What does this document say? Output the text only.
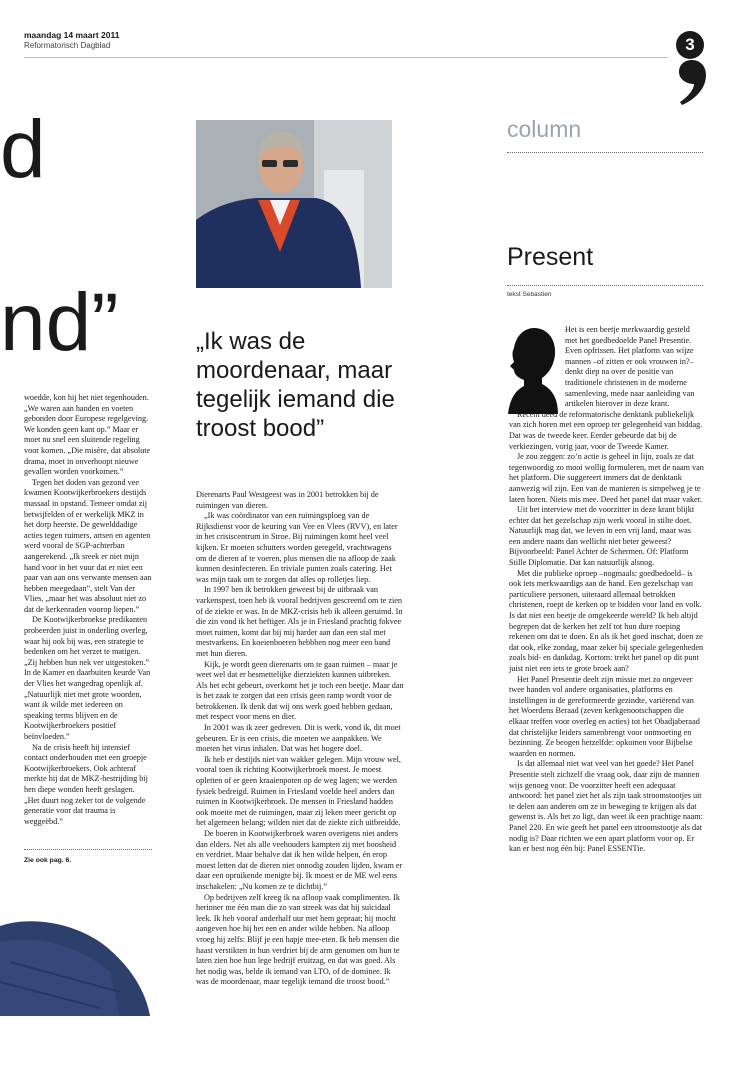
maandag 14 maart 2011
Reformatorisch Dagblad	3
d
nd”

woedde, kon hij het niet tegenhouden. „We waren aan handen en voeten gebonden door Europese regelgeving. We konden geen kant op.” Maar er moet nu snel een sluitende regeling voor komen. „Die misère, dat absolute drama, moet in onverhoopt nieuwe gevallen worden voorkomen.”

Tegen het doden van gezond vee kwamen Kootwijkerbroekers destijds massaal in opstand. Temeer omdat zij betwijfelden of er werkelijk MKZ in het dorp heerste. De gewelddadige acties tegen ruimers, artsen en agenten werd vooral de SGP-achterban aangerekend. „Ik sreek er niet mijn hand voor in het vuur dat er niet een paar van aan ons verwante mensen aan hebben meegedaan”, stelt Van der Vlies, „maar het was absoluut niet zo dat de kerkenraden voorop liepen.”

De Kootwijkerbroekse predikanten probeerden juist in onderling overleg, waar hij ook bij was, een strategie te bedenken om het verzet te matigen. „Zij hebben hun nek ver uitgestoken.” In de Kamer en daarbuiten keurde Van der Vlies het wangedrag openlijk af. „Natuurlijk niet met grote woorden, want ik wilde met iedereen on speaking terms blijven en de Kootwijkerbroekers positief beïnvloeden.”

Na de crisis heeft hij intensief contact onderhouden met een groepje Kootwijkerbroekers. Ook achteraf merkte hij dat de MKZ-bestrijding bij hen diepe wonden heeft geslagen. „Het duurt nog zeker tot de volgende generatie voor dat trauma is weggeëbd.”

Zie ook pag. 6.
„Ik was de moordenaar, maar tegelijk iemand die troost bood”

Dierenarts Paul Westgeest was in 2001 betrokken bij de ruimingen van dieren.

„Ik was coördinator van een ruimingsploeg van de Rijksdienst voor de keuring van Vee en Vlees (RVV), en later in het crisiscentrum in Stroe. Bij ruimingen komt heel veel kijken. Er moeten schutters worden geregeld, vrachtwagens om de dieren af te voeren, plus mensen die na afloop de zaak kunnen desinfecteren. En triviale punten zoals catering. Het was mijn taak om te zorgen dat alles op rolletjes liep.

In 1997 ben ik betrokken geweest bij de uitbraak van varkenspest, toen heb ik vooral bedrijven gescreend om te zien of de ziekte er was. In de MKZ-crisis heb ik alleen geruimd. In die zin vond ik het heftiger. Als je in Friesland prachtig fokvee moet ruimen, komt dat bij mij harder aan dan een stal met mestvarkens. En koeienboeren hebbben nog meer een band met hun dieren.

Kijk, je wordt geen dierenarts om te gaan ruimen – maar je weet wel dat er besmettelijke dierziekten kunnen uitbreken. Als het echt gebeurt, overkomt het je toch een beetje. Maar dan is het zaak te zorgen dat een crisis geen ramp wordt voor de betrokkenen. Ik denk dat wij ons werk goed hebben gedaan, met respect voor mens en dier.

In 2001 was ik zeer gedreven. Dit is werk, vond ik, dit moet gebeuren. Er is een crisis, die moeten we aanpakken. We moeten het virus inhalen. Dat was het hogere doel.

Ik heb er destijds niet van wakker gelegen. Mijn vrouw wel, vooral toen ik richting Kootwijkerbroek moest. Je moest opletten of er geen kraaienpoten op de weg lagen; we werden fysiek bedreigd. Ruimen in Friesland voelde heel anders dan ruimen in Kootwijkerbroek. De mensen in Friesland hadden ook moeite met de ruimingen, maar zij leken meer gericht op het algemeen belang; wilden niet dat de ziekte zich uitbreidde.

De boeren in Kootwijkerbroek waren overigens niet anders dan elders. Net als alle veehouders kampten zij met boosheid en verdriet. Maar behalve dat ik hen wilde helpen, én erop moest letten dat de dieren niet onnodig zouden lijden, kwam er daar een opruikende menigte bij. Ik moest er de ME wel eens inschakelen: „Nu komen ze te dichtbij.”

Op bedrijven zelf kreeg ik na afloop vaak complimenten. Ik herinner me één man die zo van streek was dat hij suïcidaal leek. Ik heb vooraf anderhalf uur met hem gepraat; hij mocht aangeven hoe hij het een en ander wilde hebben. Na afloop vroeg hij zelfs: Blijf je een hapje mee-eten. Ik heb mensen die haast verstikten in hun verdriet bij de arm genomen om hun te laten zien hoe hun lege bedrijf eruitzag, en dat was goed. Als het nodig was, belde ik iemand van LTO, of de dominee. Ik was de moordenaar, maar tegelijk iemand die troost bood.”

column
Present
tekst Sebastien

Het is een beetje merkwaardig gesteld met het goedbedoelde Panel Presentie. Even opfrissen. Het platform van wijze mannen –of zitten er ook vrouwen in?– denkt diep na over de positie van traditionele christenen in de moderne samenleving, mede naar aanleiding van artikelen hierover in deze krant.

Recent deed de reformatorische denktank publiekelijk van zich horen met een oproep ter gelegenheid van biddag. Dat was de tweede keer. Eerder gebeurde dat bij de verkiezingen, vorig jaar, voor de Tweede Kamer.

Je zou zeggen: zo’n actie is geheel in lijn, zoals ze dat tegenwoordig zo mooi wollig formuleren, met de naam van het platform. Die suggereert immers dat de denktank aanwezig wil zijn. Een van de manieren is simpelweg je te laten horen. Niets mis mee. Deed het panel dat maar vaker.

Uit het interview met de voorzitter in deze krant blijkt echter dat het gezelschap zijn werk vooral in stilte doet. Natuurlijk mag dat, we leven in een vrij land, maar was een andere naam dan wellicht niet beter geweest? Bijvoorbeeld: Panel Achter de Schermen. Of: Platform Stille Diplomatie. Dat kan natuurlijk alsnog.

Met die publieke oproep –nogmaals: goedbedoeld– is ook iets merkwaardigs aan de hand. Een gezelschap van particuliere personen, uiteraard allemaal betrokken christenen, roept de kerken op te bidden voor land en volk. Is dat niet een beetje de omgekeerde wereld? Ik heb altijd begrepen dat de kerken het zelf tot hun dure roeping rekenen om dat te doen. En als ik het goed inschat, doen ze dat ook, elke zondag, maar zeker bij speciale gelegenheden zoals bid- en dankdag. Kortom: trekt het panel op dit punt juist niet een iets te grote broek aan?

Het Panel Presentie deelt zijn missie met zo ongeveer twee handen vol andere organisaties, platforms en instellingen in de gereformeerde gezindte, variërend van het Woerdens Beraad (zeven kerkgenootschappen die elkaar treffen voor overleg en acties) tot het Obadjaberaad dat christelijke leiders samenbrengt voor ontmoeting en bezinning. Ze beogen hetzelfde: opkomen voor Bijbelse waarden en normen.

Is dat allemaal niet wat veel van het goede? Het Panel Presentie stelt zichzelf die vraag ook, daar zijn de mannen wijs genoeg voor. De voorzitter heeft een adequaat antwoord: het panel ziet het als zijn taak stroomstootjes uit te delen aan anderen om ze in beweging te krijgen als dat gewenst is. Als het zo ligt, dan weet ik een prachtige naam: Panel 220. En wie geeft het panel een stroomstootje als dat nodig is? Daar richten we een apart platform voor op. Er kan er best nog één bij: Panel ESSENTie.
